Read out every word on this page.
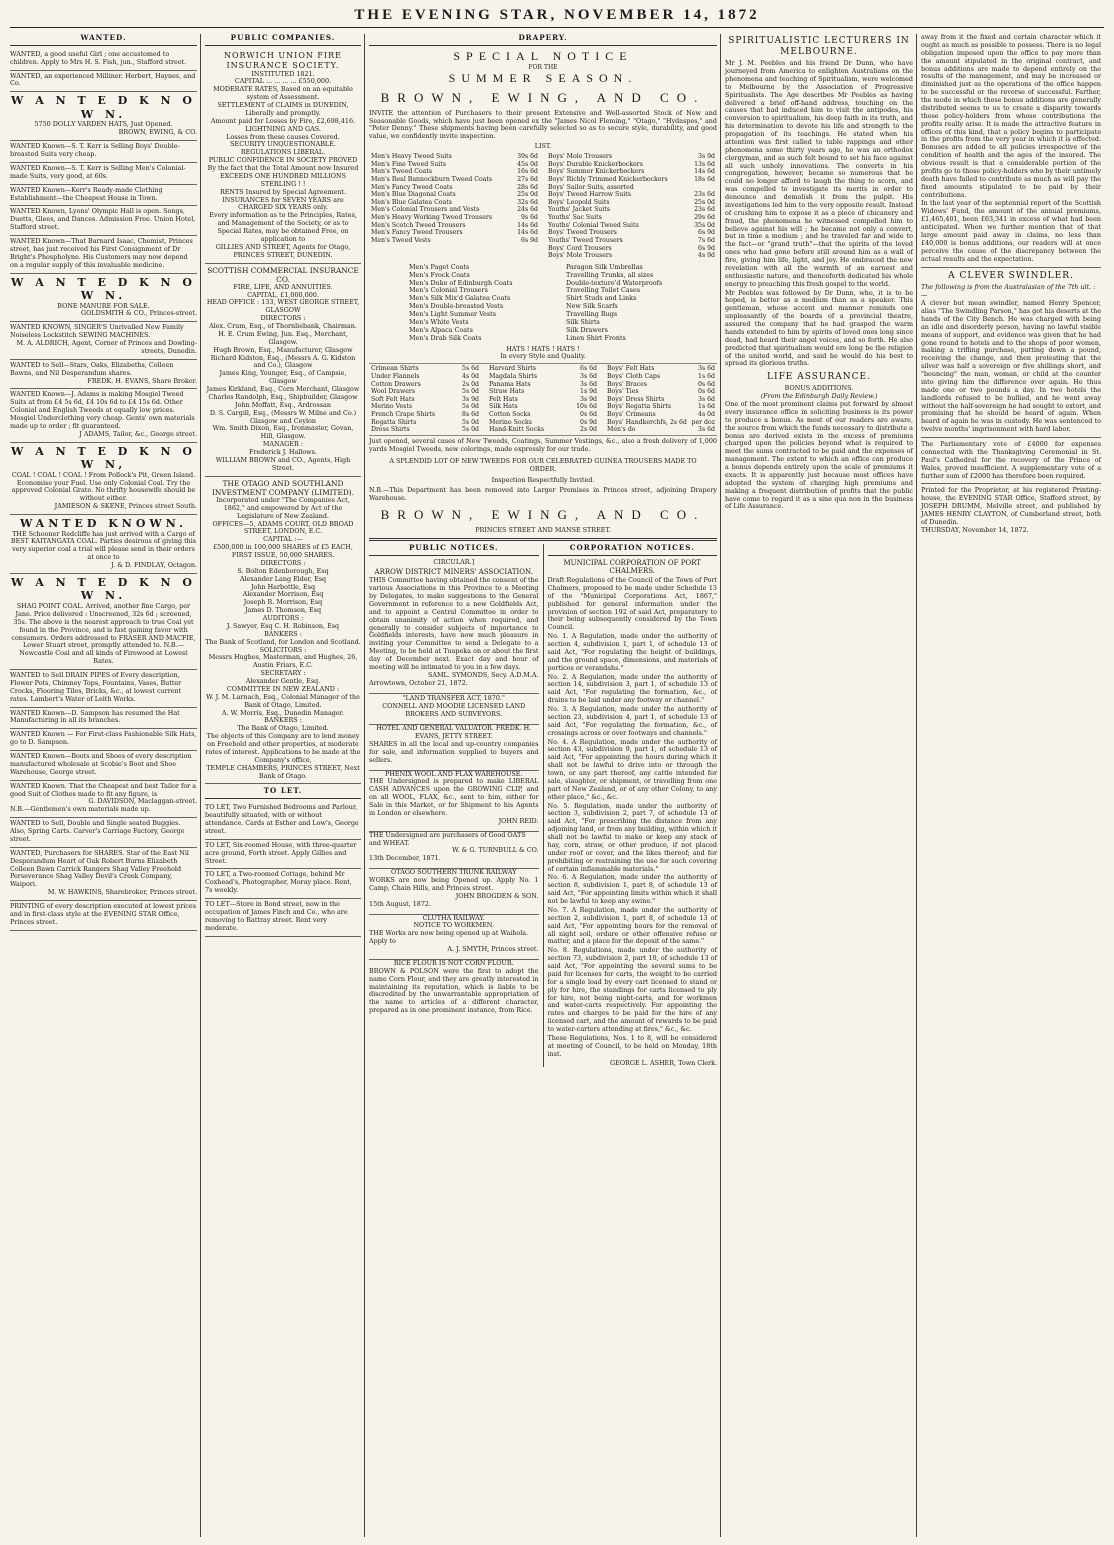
THE EVENING STAR, NOVEMBER 14, 1872
WANTED.

WANTED, a good useful Girl ; one accustomed to children. Apply to Mrs H. S. Fish, jun., Stafford street.

WANTED, an experienced Milliner. Herbert, Haynes, and Co.

W A N T E D K N O W N.

5750 DOLLY VARDEN HATS, Just Opened.

BROWN, EWING, & CO.

WANTED Known—S. T. Kerr is Selling Boys' Double-breasted Suits very cheap.

WANTED Known—S. T. Kerr is Selling Men's Colonial-made Suits, very good, at 60s.

WANTED Known—Kerr's Ready-made Clothing Establishment—the Cheapest House in Town.

WANTED Known, Lyons' Olympic Hall is open. Songs, Duetts, Glees, and Dances. Admission Free. Union Hotel, Stafford street.

WANTED Known—That Barnard Isaac, Chemist, Princes street, has just received his First Consignment of Dr Bright's Phospholyne. His Customers may now depend on a regular supply of this invaluable medicine.

W A N T E D K N O W N.

BONE MANURE FOR SALE.

GOLDSMITH & CO., Princes-street.

WANTED KNOWN, SINGER'S Unrivalled New Family Noiseless Lockstitch SEWING MACHINES.

M. A. ALDRICH, Agent, Corner of Princes and Dowling-streets, Dunedin.

WANTED to Sell—Stars, Oaks, Elizabeths, Colleen Bawns, and Nil Desperandum shares.

FREDK. H. EVANS, Share Broker.

WANTED Known—J. Adams is making Mosgiel Tweed Suits at from £4 5s 6d, £4 10s 6d to £4 15s 6d. Other Colonial and English Tweeds at equally low prices. Mosgiel Underclothing very cheap. Gents' own materials made up to order ; fit guaranteed.

J ADAMS, Tailor, &c., George street.

W A N T E D K N O W N,

COAL ! COAL ! COAL ! From Pollock's Pit, Green Island. Economise your Fuel. Use only Colonial Coal. Try the approved Colonial Grate. No thrifty housewife should be without either.

JAMIESON & SKENE, Princes street South.

WANTED KNOWN.

THE Schooner Redcliffe has just arrived with a Cargo of BEST KAITANGATA COAL. Parties desirous of giving this very superior coal a trial will please send in their orders at once to

J. & D. FINDLAY, Octagon.

W A N T E D K N O W N.

SHAG POINT COAL. Arrived, another fine Cargo, per Jane. Price delivered : Unscreened, 32s 6d ; screened, 35s. The above is the nearest approach to true Coal yet found in the Province, and is fast gaining favor with consumers. Orders addressed to FRASER AND MACFIE, Lower Stuart street, promptly attended to. N.B.—Newcastle Coal and all kinds of Firewood at Lowest Rates.

WANTED to Sell DRAIN PIPES of Every description, Flower Pots, Chimney Tops, Fountains, Vases, Butter Crocks, Flooring Tiles, Bricks, &c., at lowest current rates. Lambert's Water of Leith Works.

WANTED Known—D. Sampson has resumed the Hat Manufacturing in all its branches.

WANTED Known — For First-class Fashionable Silk Hats, go to D. Sampson.

WANTED Known—Boots and Shoes of every description manufactured wholesale at Scobie's Boot and Shoe Warehouse, George street.

WANTED Known. That the Cheapest and best Tailor for a good Suit of Clothes made to fit any figure, is

G. DAVIDSON, Maclaggan-street.

N.B.—Gentlemen's own materials made up.

WANTED to Sell, Double and Single seated Buggies. Also, Spring Carts. Carver's Carriage Factory, George street.

WANTED, Purchasers for SHARES. Star of the East Nil Desperandum Heart of Oak Robert Burns Elizabeth Colleen Bawn Carrick Rangers Shag Valley Freehold Perseverance Shag Valley Devil's Creek Company, Waipori.

M. W. HAWKINS, Sharebroker, Princes street.

PRINTING of every description executed at lowest prices and in first-class style at the EVENING STAR Office, Princes street.

PUBLIC COMPANIES.

NORWICH UNION FIRE INSURANCE SOCIETY.

INSTITUTED 1821.

CAPITAL ... ... ... ... £550,000.

MODERATE RATES, Based on an equitable system of Assessment.

SETTLEMENT of CLAIMS in DUNEDIN, Liberally and promptly.

Amount paid for Losses by Fire, £2,698,416.

LIGHTNING AND GAS.

Losses from these causes Covered.

SECURITY UNQUESTIONABLE.

REGULATIONS LIBERAL.

PUBLIC CONFIDENCE IN SOCIETY PROVED

By the fact that the Total Amount now Insured

EXCEEDS ONE HUNDRED MILLIONS STERLING ! !

RENTS Insured by Special Agreement.

INSURANCES for SEVEN YEARS are CHARGED SIX YEARS only.

Every information as to the Principles, Rates, and Management of the Society, or as to Special Rates, may be obtained Free, on application to

GILLIES AND STREET, Agents for Otago, PRINCES STREET, DUNEDIN.

SCOTTISH COMMERCIAL INSURANCE CO.

FIRE, LIFE, AND ANNUITIES.

CAPITAL, £1,000,000.

HEAD OFFICE : 133, WEST GEORGE STREET, GLASGOW

DIRECTORS :

Alex. Crum, Esq., of Thornliebank, Chairman.

H. E. Crum Ewing, Jun. Esq., Merchant, Glasgow.

Hugh Brown, Esq., Manufacturer, Glasgow

Richard Kidston, Esq., (Messrs A. G. Kidston and Co.), Glasgow

James King, Younger, Esq., of Campsie, Glasgow

James Kirkland, Esq., Corn Merchant, Glasgow

Charles Randolph, Esq., Shipbuilder, Glasgow

John Moffatt, Esq., Ardrossan

D. S. Cargill, Esq., (Messrs W. Milne and Co.) Glasgow and Ceylon

Wm. Smith Dixon, Esq., Ironmaster, Govan, Hill, Glasgow.

MANAGER :

Frederick J. Hallows.

WILLIAM BROWN and CO., Agents, High Street.

THE OTAGO AND SOUTHLAND INVESTMENT COMPANY (LIMITED).

Incorporated under "The Companies Act, 1862," and empowered by Act of the Legislature of New Zealand.

OFFICES—5, ADAMS COURT, OLD BROAD STREET, LONDON, E.C.

CAPITAL :—

£500,000 in 100,000 SHARES of £5 EACH, FIRST ISSUE, 50,000 SHARES.

DIRECTORS :

S. Bolton Edenborough, Esq

Alexander Lang Elder, Esq

John Harbottle, Esq

Alexander Morrison, Esq

Joseph R. Morrison, Esq

James D. Thomson, Esq

AUDITORS :

J. Sawyer, Esq C. H. Robinson, Esq

BANKERS :

The Bank of Scotland, for London and Scotland.

SOLICITORS :

Messrs Hughes, Masterman, and Hughes, 26, Austin Friars, E.C.

SECRETARY :

Alexander Gentle, Esq.

COMMITTEE IN NEW ZEALAND :

W. J. M. Larnach, Esq., Colonial Manager of the Bank of Otago, Limited.

A. W. Morris, Esq., Dunedin Manager.

BANKERS :

The Bank of Otago, Limited.

The objects of this Company are to lend money on Freehold and other properties, at moderate rates of interest. Applications to be made at the Company's office,

TEMPLE CHAMBERS, PRINCES STREET, Next Bank of Otago.

TO LET.

TO LET, Two Furnished Bedrooms and Parlour, beautifully situated, with or without attendance. Cards at Esther and Low's, George street.

TO LET, Six-roomed House, with three-quarter acre ground, Forth street. Apply Gillies and Street.

TO LET, a Two-roomed Cottage, behind Mr Coxhead's, Photographer, Moray place. Rent, 7s weekly.

TO LET—Store in Bond street, now in the occupation of James Finch and Co., who are removing to Rattray street. Rent very moderate.

DRAPERY.
SPECIAL NOTICE
FOR THE
SUMMER SEASON.
BROWN, EWING, AND CO.

INVITE the attention of Purchasers to their present Extensive and Well-assorted Stock of New and Seasonable Goods, which have just been opened ex the "James Nicol Fleming," "Otago," "Hydaspes," and "Peter Denny." These shipments having been carefully selected so as to secure style, durability, and good value, we confidently invite inspection.

LIST.
Men's Heavy Tweed Suits	39s 6d
Men's Fine Tweed Suits	45s 0d
Men's Tweed Coats	16s 6d
Men's Real Bannockburn Tweed Coats	27s 6d
Men's Fancy Tweed Coats	28s 6d
Men's Blue Diagonal Coats	25s 0d
Men's Blue Galatea Coats	32s 6d
Men's Colonial Trousers and Vests	24s 6d
Men's Heavy Working Tweed Trousers	9s 6d
Men's Scotch Tweed Trousers	14s 6d
Men's Fancy Tweed Trousers	14s 6d
Men's Tweed Vests	6s 9d
Boys' Mole Trousers	3s 9d
Boys' Durable Knickerbockers	13s 6d
Boys' Summer Knickerbockers	14s 6d
Boys' Richly Trimmed Knickerbockers	18s 6d
Boys' Sailor Suits, assorted	
Boys' Tweed Harrow Suits	23s 6d
Boys' Leopold Suits	25s 0d
Youths' Jacket Suits	23s 6d
Youths' Sac Suits	29s 6d
Youths' Colonial Tweed Suits	35s 0d
Boys' Tweed Trousers	6s 9d
Youths' Tweed Trousers	7s 6d
Boys' Cord Trousers	6s 9d
Boys' Mole Trousers	4s 9d
Men's Paget Coats
Men's Frock Coats
Men's Duke of Edinburgh Coats
Men's Colonial Trousers
Men's Silk Mix'd Galatea Coats
Men's Double-breasted Vests
Men's Light Summer Vests
Men's White Vests
Men's Alpaca Coats
Men's Drab Silk Coats
Paragon Silk Umbrellas
Travelling Trunks, all sizes
Double-texture'd Waterproofs
Travelling Toilet Cases
Shirt Studs and Links
New Silk Scarfs
Travelling Rugs
Silk Shirts
Silk Drawers
Linen Shirt Fronts
HATS ! HATS ! HATS !
In every Style and Quality.
Crimean Shirts	5s 6d
Under Flannels	4s 0d
Cotton Drawers	2s 0d
Wool Drawers	5s 0d
Soft Felt Hats	3s 9d
Merino Vests	5s 0d
French Crape Shirts	8s 6d
Regatta Shirts	5s 0d
Dress Shirts	5s 0d
Harvard Shirts	6s 6d
Magdala Shirts	3s 6d
Panama Hats	3s 6d
Straw Hats	1s 9d
Felt Hats	3s 9d
Silk Hats	10s 6d
Cotton Socks	0s 6d
Merino Socks	0s 9d
Hand-Knitt Socks	2s 0d
Boys' Felt Hats	3s 6d
Boys' Cloth Caps	1s 6d
Boys' Braces	0s 6d
Boys' Ties	0s 6d
Boys' Dress Shirts	3s 6d
Boys' Regatta Shirts	1s 6d
Boys' Crimeans	4s 0d
Boys' Handkerchfs, 2s 6d	per doz
Men's do	3s 6d

Just opened, several cases of New Tweeds, Coatings, Summer Vestings, &c., also a fresh delivery of 1,000 yards Mosgiel Tweeds, new colorings, made expressly for our trade.

A SPLENDID LOT OF NEW TWEEDS FOR OUR CELEBRATED GUINEA TROUSERS MADE TO ORDER.

Inspection Respectfully Invited.

N.B.—This Department has been removed into Larger Premises in Princes street, adjoining Drapery Warehouse.

BROWN, EWING, AND CO.
PRINCES STREET AND MANSE STREET.
PUBLIC NOTICES.

CIRCULAR.]

ARROW DISTRICT MINERS' ASSOCIATION.

THIS Committee having obtained the consent of the various Associations in this Province to a Meeting by Delegates, to make suggestions to the General Government in reference to a new Goldfields Act, and to appoint a Central Committee in order to obtain unanimity of action when required, and generally to consider subjects of importance to Goldfields interests, have now much pleasure in inviting your Committee to send a Delegate to a Meeting, to be held at Tuapeka on or about the first day of December next. Exact day and hour of meeting will be intimated to you in a few days.

SAML. SYMONDS, Secy. A.D.M.A.

Arrowtown, October 21, 1872.

"LAND TRANSFER ACT, 1870."

CONNELL AND MOODIE LICENSED LAND BROKERS AND SURVEYORS.

HOTEL AND GENERAL VALUATOR. FREDK. H. EVANS, JETTY STREET.

SHARES in all the local and up-country companies for sale, and information supplied to buyers and sellers.

PHENIX WOOL AND FLAX WAREHOUSE.

THE Undersigned is prepared to make LIBERAL CASH ADVANCES upon the GROWING CLIP, and on all WOOL, FLAX, &c., sent to him, either for Sale in this Market, or for Shipment to his Agents in London or elsewhere.

JOHN REID.

THE Undersigned are purchasers of Good OATS and WHEAT.

W. & G. TURNBULL & CO.

13th December, 1871.

OTAGO SOUTHERN TRUNK RAILWAY

WORKS are now being Opened up. Apply No. 1 Camp, Chain Hills, and Princes street.

JOHN BROGDEN & SON.

15th August, 1872.

CLUTHA RAILWAY.

NOTICE TO WORKMEN.

THE Works are now being opened up at Waihola. Apply to

A. J. SMYTH, Princes street.

RICE FLOUR IS NOT CORN FLOUR.

BROWN & POLSON were the first to adopt the name Corn Flour, and they are greatly interested in maintaining its reputation, which is liable to be discredited by the unwarrantable appropriation of the name to articles of a different character, prepared as in one prominent instance, from Rice.

CORPORATION NOTICES.

MUNICIPAL CORPORATION OF PORT CHALMERS.

Draft Regulations of the Council of the Town of Port Chalmers, proposed to be made under Schedule 13 of the "Municipal Corporations Act, 1867," published for general information under the provision of section 192 of said Act, preparatory to their being subsequently considered by the Town Council.

No. 1. A Regulation, made under the authority of section 4, subdivision 1, part 1, of schedule 13 of said Act, "For regulating the height of buildings, and the ground space, dimensions, and materials of porticos or verandahs."

No. 2. A Regulation, made under the authority of section 14, subdivision 3, part 1, of schedule 13 of said Act, "For regulating the formation, &c., of drains to be laid under any footway or channel."

No. 3. A Regulation, made under the authority of section 23, subdivision 4, part 1, of schedule 13 of said Act, "For regulating the formation, &c., of crossings across or over footways and channels."

No. 4. A Regulation, made under the authority of section 43, subdivision 9, part 1, of schedule 13 of said Act, "For appointing the hours during which it shall not be lawful to drive into or through the town, or any part thereof, any cattle intended for sale, slaughter, or shipment, or travelling from one part of New Zealand, or of any other Colony, to any other place," &c., &c.

No. 5. Regulation, made under the authority of section 3, subdivision 2, part 7, of schedule 13 of said Act, "For prescribing the distance from any adjoining land, or from any building, within which it shall not be lawful to make or keep any stack of hay, corn, straw, or other produce, if not placed under roof or cover, and the likes thereof; and for prohibiting or restraining the use for such covering of certain inflammable materials."

No. 6. A Regulation, made under the authority of section 8, subdivision 1, part 8, of schedule 13 of said Act, "For appointing limits within which it shall not be lawful to keep any swine."

No. 7. A Regulation, made under the authority of section 2, subdivision 1, part 8, of schedule 13 of said Act, "For appointing hours for the removal of all night soil, ordure or other offensive refuse or matter, and a place for the deposit of the same."

No. 8. Regulations, made under the authority of section 73, subdivision 2, part 10, of schedule 13 of said Act, "For appointing the several sums to be paid for licenses for carts, the weight to be carried for a single load by every cart licensed to stand or ply for hire, the standings for carts licensed to ply for hire, not being night-carts, and for workmen and water-carts respectively. For appointing the rates and charges to be paid for the hire of any licensed cart, and the amount of rewards to be paid to water-carters attending at fires," &c., &c.

These Regulations, Nos. 1 to 8, will be considered at meeting of Council, to be held on Monday, 18th inst.

GEORGE L. ASHER, Town Clerk.

SPIRITUALISTIC LECTURERS IN MELBOURNE.

Mr J. M. Peebles and his friend Dr Dunn, who have journeyed from America to enlighten Australians on the phenomena and teaching of Spiritualism, were welcomed to Melbourne by the Association of Progressive Spiritualists. The Age describes Mr Peebles as having delivered a brief off-hand address, touching on the causes that had induced him to visit the antipodes, his conversion to spiritualism, his deep faith in its truth, and his determination to devote his life and strength to the propagation of its teachings. He stated when his attention was first called to table rappings and other phenomena some thirty years ago, he was an orthodox clergyman, and as such felt bound to set his face against all such unholy innovations. The converts in his congregation, however, became so numerous that he could no longer afford to laugh the thing to scorn, and was compelled to investigate its merits in order to denounce and demolish it from the pulpit. His investigations led him to the very opposite result. Instead of crushing him to expose it as a piece of chicanery and fraud, the phenomena he witnessed compelled him to believe against his will ; he became not only a convert, but in time a medium ; and he traveled far and wide to the fact—or "grand truth"—that the spirits of the loved ones who had gone before still around him as a wall of fire, giving him life, light, and joy. He embraced the new revelation with all the warmth of an earnest and enthusiastic nature, and thenceforth dedicated his whole energy to preaching this fresh gospel to the world.

Mr Peebles was followed by Dr Dunn, who, it is to be hoped, is better as a medium than as a speaker. This gentleman, whose accent and manner reminds one unpleasantly of the boards of a provincial theatre, assured the company that he had grasped the warm hands extended to him by spirits of loved ones long since dead, had heard their angel voices, and so forth. He also predicted that spiritualism would ere long be the religion of the united world, and said he would do his best to spread its glorious truths.

LIFE ASSURANCE.
BONUS ADDITIONS.
(From the Edinburgh Daily Review.)

One of the most prominent claims put forward by almost every insurance office in soliciting business is its power to produce a bonus. As most of our readers are aware, the source from which the funds necessary to distribute a bonus are derived exists in the excess of premiums charged upon the policies beyond what is required to meet the sums contracted to be paid and the expenses of management. The extent to which an office can produce a bonus depends entirely upon the scale of premiums it exacts. It is apparently just because most offices have adopted the system of charging high premiums and making a frequent distribution of profits that the public have come to regard it as a sine qua non in the business of Life Assurance.

away from it the fixed and certain character which it ought as much as possible to possess. There is no legal obligation imposed upon the office to pay more than the amount stipulated in the original contract, and bonus additions are made to depend entirely on the results of the management, and may be increased or diminished just as the operations of the office happen to be successful or the reverse of successful. Farther, the mode in which these bonus additions are generally distributed seems to us to create a disparity towards those policy-holders from whose contributions the profits really arise. It is made the attractive feature in offices of this kind, that a policy begins to participate in the profits from the very year in which it is effected. Bonuses are added to all policies irrespective of the condition of health and the ages of the insured. The obvious result is that a considerable portion of the profits go to those policy-holders who by their untimely death have failed to contribute as much as will pay the fixed amounts stipulated to be paid by their contributions.

In the last year of the septennial report of the Scottish Widows' Fund, the amount of the annual premiums, £1,465,401, been £63,341 in excess of what had been anticipated. When we further mention that of that large amount paid away in claims, no less than £40,000 is bonus additions, our readers will at once perceive the cause of the discrepancy between the actual results and the expectation.

A CLEVER SWINDLER.

The following is from the Australasian of the 7th ult. :—

A clever but mean swindler, named Henry Spencer, alias "The Swindling Parson," has got his deserts at the hands of the City Bench. He was charged with being an idle and disorderly person, having no lawful visible means of support, and evidence was given that he had gone round to hotels and to the shops of poor women, making a trifling purchase, putting down a pound, receiving the change, and then protesting that the silver was half a sovereign or five shillings short, and "bouncing" the man, woman, or child at the counter into giving him the difference over again. He thus made one or two pounds a day. In two hotels the landlords refused to be bullied, and he went away without the half-sovereign he had sought to extort, and promising that he should be heard of again. When heard of again he was in custody. He was sentenced to twelve months' imprisonment with hard labor.

The Parliamentary vote of £4000 for expenses connected with the Thanksgiving Ceremonial in St. Paul's Cathedral for the recovery of the Prince of Wales, proved insufficient. A supplementary vote of a further sum of £2000 has therefore been required.

Printed for the Proprietor, at his registered Printing-house, the EVENING STAR Office, Stafford street, by JOSEPH DRUMM, Melville street, and published by JAMES HENRY CLAYTON, of Cumberland street, both of Dunedin.

THURSDAY, November 14, 1872.
